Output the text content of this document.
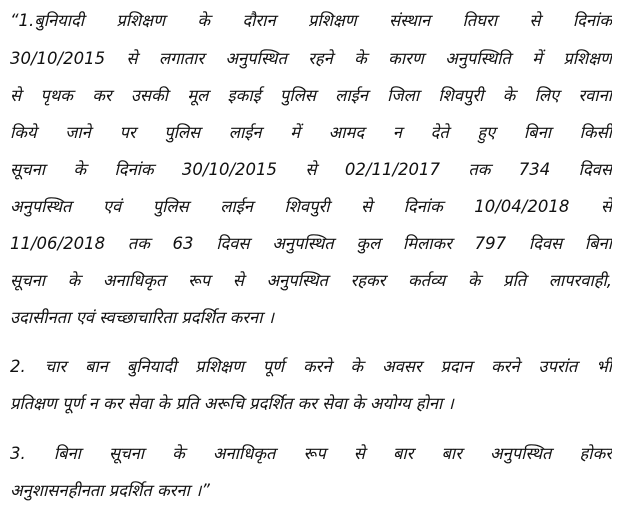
“1.बुनियादी प्रशिक्षण के दौरान प्रशिक्षण संस्थान तिघरा से दिनांक
30/10/2015 से लगातार अनुपस्थित रहने के कारण अनुपस्थिति में प्रशिक्षण
से पृथक कर उसकी मूल इकाई पुलिस लाईन जिला शिवपुरी के लिए रवाना
किये जाने पर पुलिस लाईन में आमद न देते हुए बिना किसी
सूचना के दिनांक 30/10/2015 से 02/11/2017 तक 734 दिवस
अनुपस्थित एवं पुलिस लाईन शिवपुरी से दिनांक 10/04/2018 से
11/06/2018 तक 63 दिवस अनुपस्थित कुल मिलाकर 797 दिवस बिना
सूचना के अनाधिकृत रूप से अनुपस्थित रहकर कर्तव्य के प्रति लापरवाही,
उदासीनता एवं स्वच्छाचारिता प्रदर्शित करना ।
2. चार बान बुनियादी प्रशिक्षण पूर्ण करने के अवसर प्रदान करने उपरांत भी
प्रतिक्षण पूर्ण न कर सेवा के प्रति अरूचि प्रदर्शित कर सेवा के अयोग्य होना ।
3. बिना सूचना के अनाधिकृत रूप से बार बार अनुपस्थित होकर
अनुशासनहीनता प्रदर्शित करना ।”
